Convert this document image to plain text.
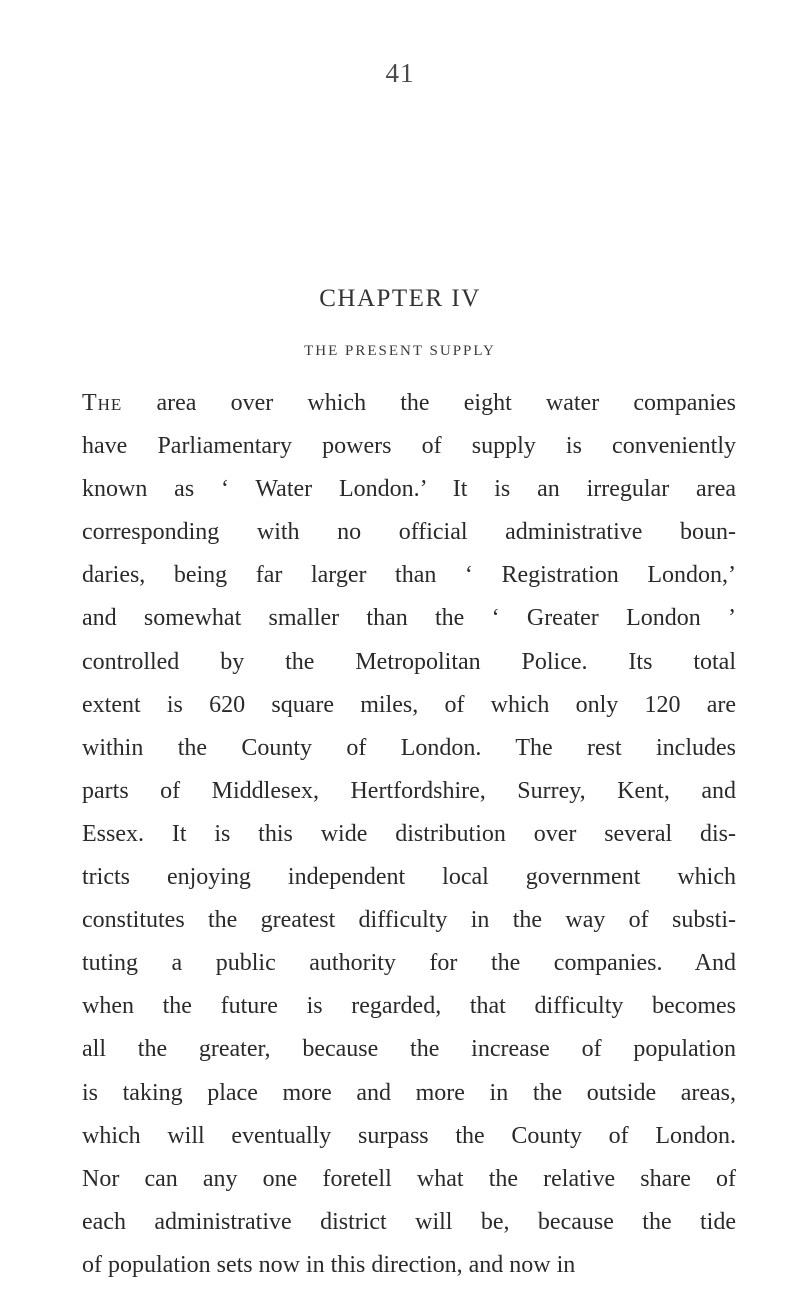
41
CHAPTER IV
THE PRESENT SUPPLY
The area over which the eight water companies
have Parliamentary powers of supply is conveniently
known as ‘ Water London.’ It is an irregular area
corresponding with no official administrative boun-
daries, being far larger than ‘ Registration London,’
and somewhat smaller than the ‘ Greater London ’
controlled by the Metropolitan Police. Its total
extent is 620 square miles, of which only 120 are
within the County of London. The rest includes
parts of Middlesex, Hertfordshire, Surrey, Kent, and
Essex. It is this wide distribution over several dis-
tricts enjoying independent local government which
constitutes the greatest difficulty in the way of substi-
tuting a public authority for the companies. And
when the future is regarded, that difficulty becomes
all the greater, because the increase of population
is taking place more and more in the outside areas,
which will eventually surpass the County of London.
Nor can any one foretell what the relative share of
each administrative district will be, because the tide
of population sets now in this direction, and now in
